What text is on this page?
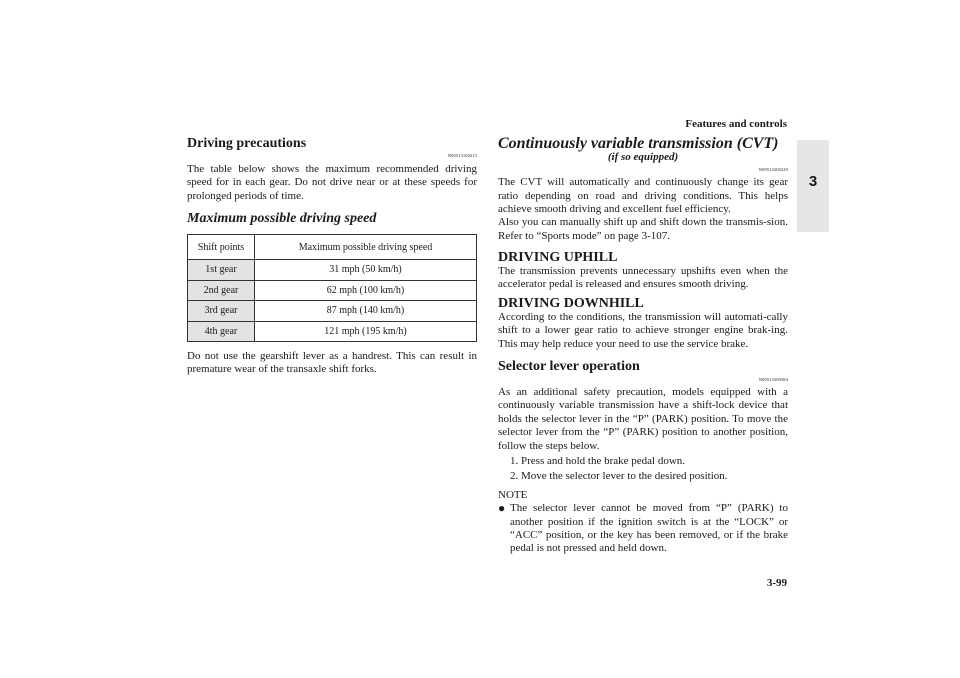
Features and controls
3
Driving precautions
N00513100215

The table below shows the maximum recommended driving speed for in each gear. Do not drive near or at these speeds for prolonged periods of time.

Maximum possible driving speed

Shift points	Maximum possible driving speed
1st gear	31 mph (50 km/h)
2nd gear	62 mph (100 km/h)
3rd gear	87 mph (140 km/h)
4th gear	121 mph (195 km/h)

Do not use the gearshift lever as a handrest. This can result in premature wear of the transaxle shift forks.

Continuously variable transmission (CVT)

(if so equipped)
N00513200229

The CVT will automatically and continuously change its gear ratio depending on road and driving conditions. This helps achieve smooth driving and excellent fuel efficiency.

Also you can manually shift up and shift down the transmis-sion. Refer to “Sports mode” on page 3-107.

DRIVING UPHILL

The transmission prevents unnecessary upshifts even when the accelerator pedal is released and ensures smooth driving.

DRIVING DOWNHILL

According to the conditions, the transmission will automati-cally shift to a lower gear ratio to achieve stronger engine brak-ing. This may help reduce your need to use the service brake.

Selector lever operation
N00513300384

As an additional safety precaution, models equipped with a continuously variable transmission have a shift-lock device that holds the selector lever in the “P” (PARK) position. To move the selector lever from the “P” (PARK) position to another position, follow the steps below.

1. Press and hold the brake pedal down.
2. Move the selector lever to the desired position.
NOTE
● The selector lever cannot be moved from “P” (PARK) to another position if the ignition switch is at the “LOCK” or “ACC” position, or the key has been removed, or if the brake pedal is not pressed and held down.

3-99
